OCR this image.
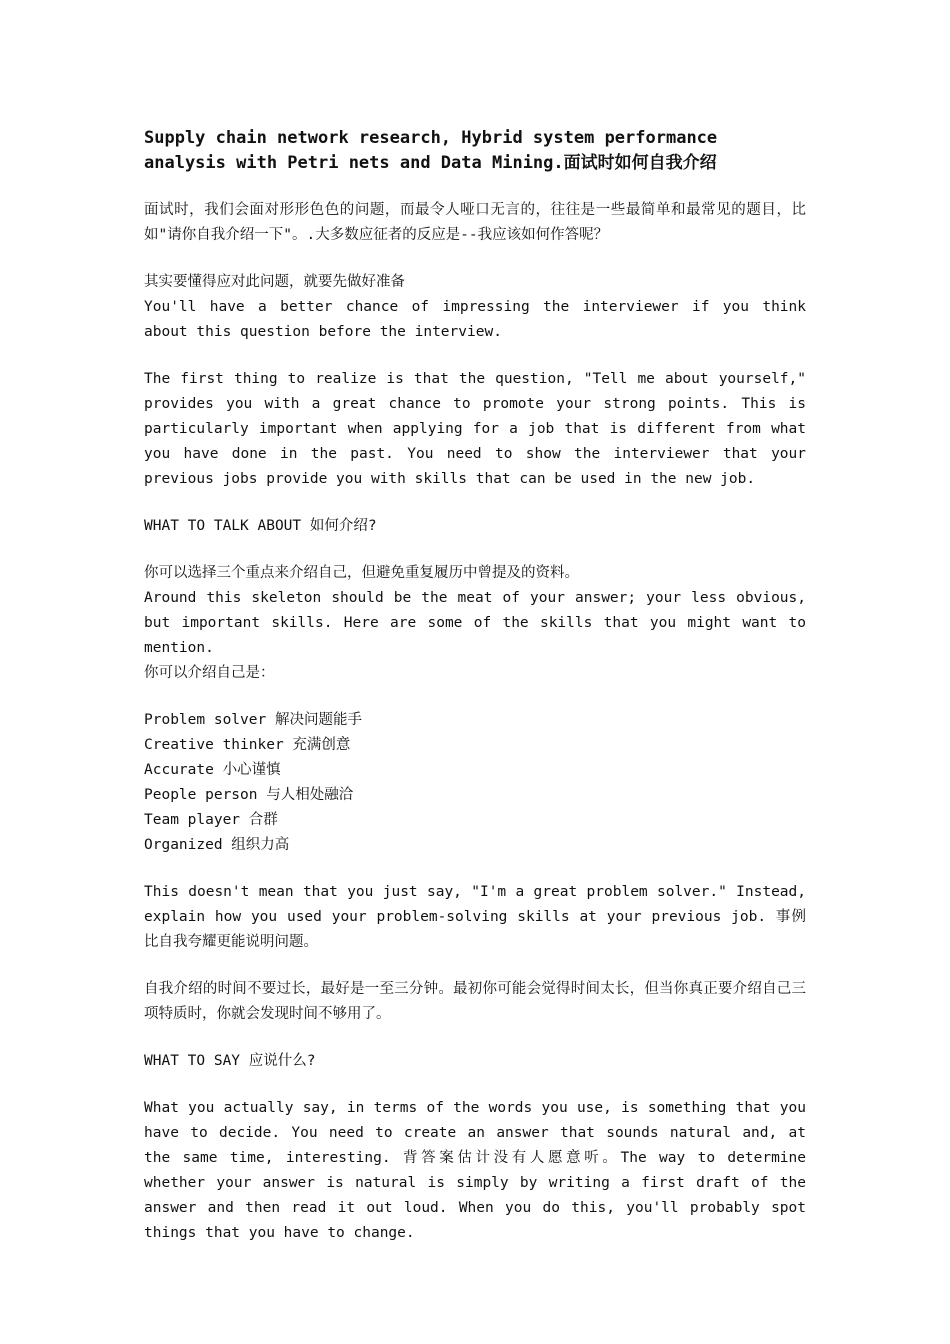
Supply chain network research, Hybrid system performance analysis with Petri nets and Data Mining.面试时如何自我介绍
面试时，我们会面对形形色色的问题，而最令人哑口无言的，往往是一些最简单和最常见的题目，比如"请你自我介绍一下"。.大多数应征者的反应是--我应该如何作答呢？
其实要懂得应对此问题，就要先做好准备
You'll have a better chance of impressing the interviewer if you think about this question before the interview.
The first thing to realize is that the question, "Tell me about yourself," provides you with a great chance to promote your strong points. This is particularly important when applying for a job that is different from what you have done in the past. You need to show the interviewer that your previous jobs provide you with skills that can be used in the new job.
WHAT TO TALK ABOUT 如何介绍?
你可以选择三个重点来介绍自己，但避免重复履历中曾提及的资料。
Around this skeleton should be the meat of your answer; your less obvious, but important skills. Here are some of the skills that you might want to mention.
你可以介绍自己是：
Problem solver 解决问题能手
Creative thinker 充满创意
Accurate 小心谨慎
People person 与人相处融洽
Team player 合群
Organized 组织力高
This doesn't mean that you just say, "I'm a great problem solver." Instead, explain how you used your problem-solving skills at your previous job. 事例比自我夸耀更能说明问题。
自我介绍的时间不要过长，最好是一至三分钟。最初你可能会觉得时间太长，但当你真正要介绍自己三项特质时，你就会发现时间不够用了。
WHAT TO SAY 应说什么?
What you actually say, in terms of the words you use, is something that you have to decide. You need to create an answer that sounds natural and, at the same time, interesting. 背答案估计没有人愿意听。The way to determine whether your answer is natural is simply by writing a first draft of the answer and then read it out loud. When you do this, you'll probably spot things that you have to change.
